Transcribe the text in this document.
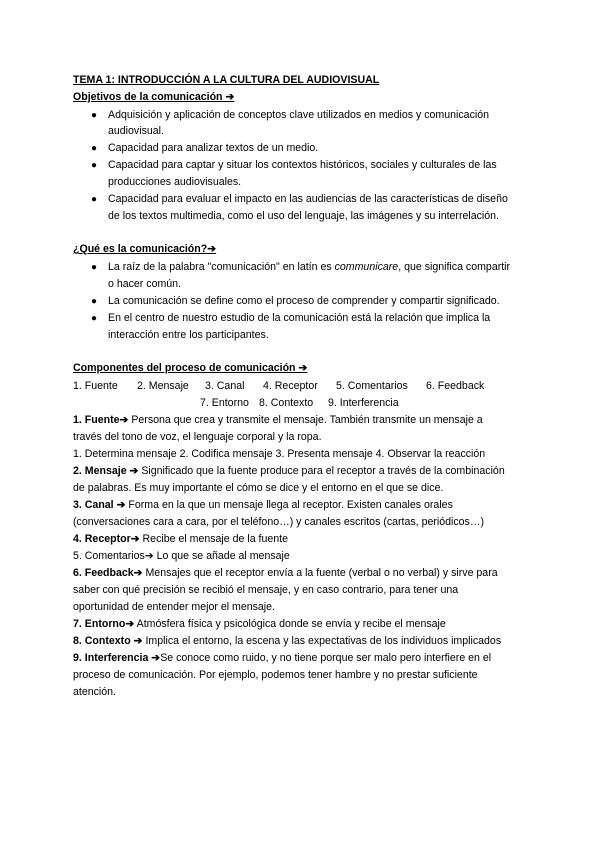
TEMA 1: INTRODUCCIÓN A LA CULTURA DEL AUDIOVISUAL
Objetivos de la comunicación ➔
● Adquisición y aplicación de conceptos clave utilizados en medios y comunicación
audiovisual.
● Capacidad para analizar textos de un medio.
● Capacidad para captar y situar los contextos históricos, sociales y culturales de las
producciones audiovisuales.
● Capacidad para evaluar el impacto en las audiencias de las características de diseño
de los textos multimedia, como el uso del lenguaje, las imágenes y su interrelación.
¿Qué es la comunicación?➔
● La raíz de la palabra "comunicación" en latín es communicare, que significa compartir
o hacer común.
● La comunicación se define como el proceso de comprender y compartir significado.
● En el centro de nuestro estudio de la comunicación está la relación que implica la
interacción entre los participantes.
Componentes del proceso de comunicación ➔
1. Fuente 2. Mensaje 3. Canal 4. Receptor 5. Comentarios 6. Feedback
7. Entorno 8. Contexto 9. Interferencia
1. Fuente➔ Persona que crea y transmite el mensaje. También transmite un mensaje a
través del tono de voz, el lenguaje corporal y la ropa.
1. Determina mensaje 2. Codifica mensaje 3. Presenta mensaje 4. Observar la reacción
2. Mensaje ➔ Significado que la fuente produce para el receptor a través de la combinación
de palabras. Es muy importante el cómo se dice y el entorno en el que se dice.
3. Canal ➔ Forma en la que un mensaje llega al receptor. Existen canales orales
(conversaciones cara a cara, por el teléfono…) y canales escritos (cartas, periódicos…)
4. Receptor➔ Recibe el mensaje de la fuente
5. Comentarios➔ Lo que se añade al mensaje
6. Feedback➔ Mensajes que el receptor envía a la fuente (verbal o no verbal) y sirve para
saber con qué precisión se recibió el mensaje, y en caso contrario, para tener una
oportunidad de entender mejor el mensaje.
7. Entorno➔ Atmósfera física y psicológica donde se envía y recibe el mensaje
8. Contexto ➔ Implica el entorno, la escena y las expectativas de los individuos implicados
9. Interferencia ➔Se conoce como ruido, y no tiene porque ser malo pero interfiere en el
proceso de comunicación. Por ejemplo, podemos tener hambre y no prestar suficiente
atención.
